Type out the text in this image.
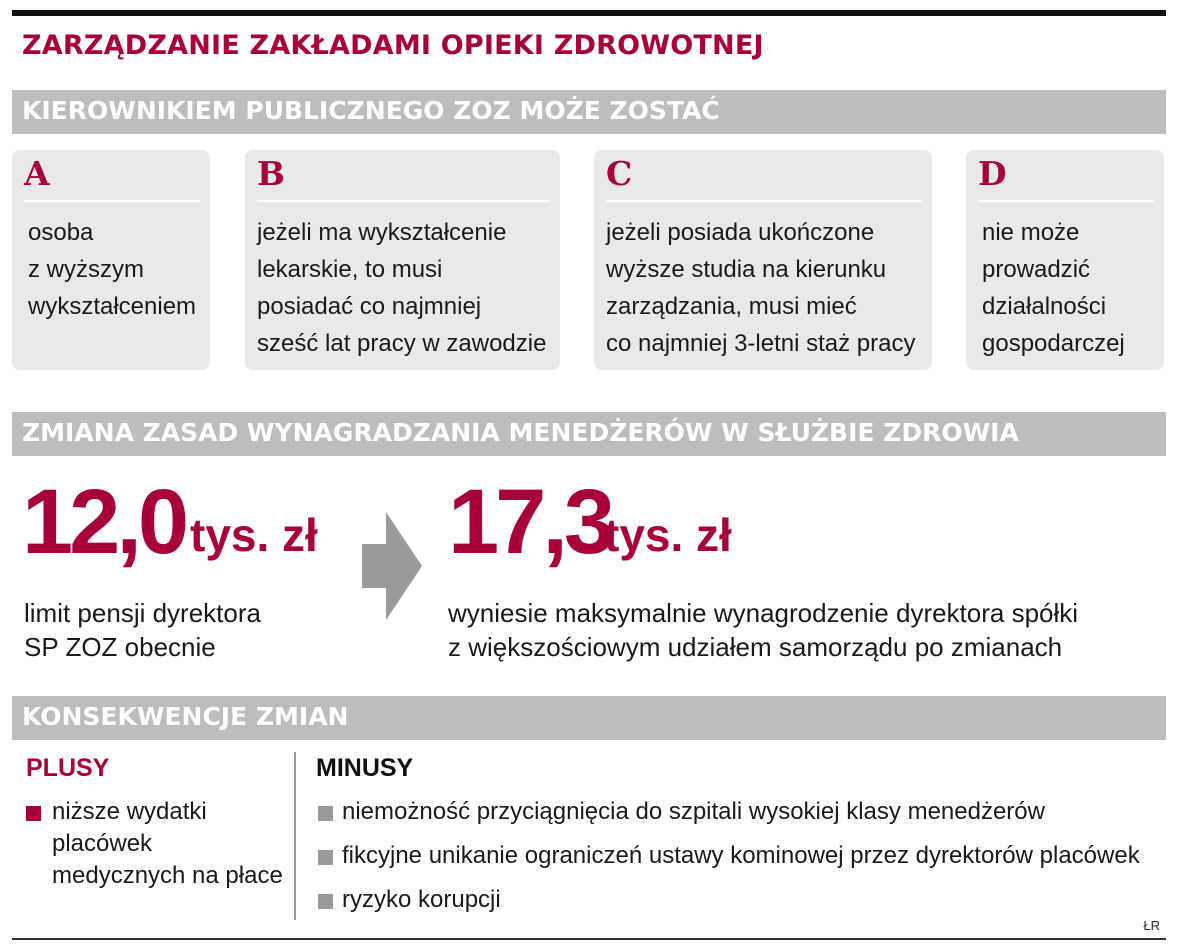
ZARZĄDZANIE ZAKŁADAMI OPIEKI ZDROWOTNEJ
KIEROWNIKIEM PUBLICZNEGO ZOZ MOŻE ZOSTAĆ
A
osoba
z wyższym
wykształceniem
B
jeżeli ma wykształcenie
lekarskie, to musi
posiadać co najmniej
sześć lat pracy w zawodzie
C
jeżeli posiada ukończone
wyższe studia na kierunku
zarządzania, musi mieć
co najmniej 3-letni staż pracy
D
nie może
prowadzić
działalności
gospodarczej
ZMIANA ZASAD WYNAGRADZANIA MENEDŻERÓW W SŁUŻBIE ZDROWIA
12,0 tys. zł
limit pensji dyrektora
SP ZOZ obecnie
17,3
tys. zł
wyniesie maksymalnie wynagrodzenie dyrektora spółki
z większościowym udziałem samorządu po zmianach
KONSEKWENCJE ZMIAN
PLUSY
niższe wydatki
placówek
medycznych na płace
MINUSY
niemożność przyciągnięcia do szpitali wysokiej klasy menedżerów
fikcyjne unikanie ograniczeń ustawy kominowej przez dyrektorów placówek
ryzyko korupcji
ŁR
